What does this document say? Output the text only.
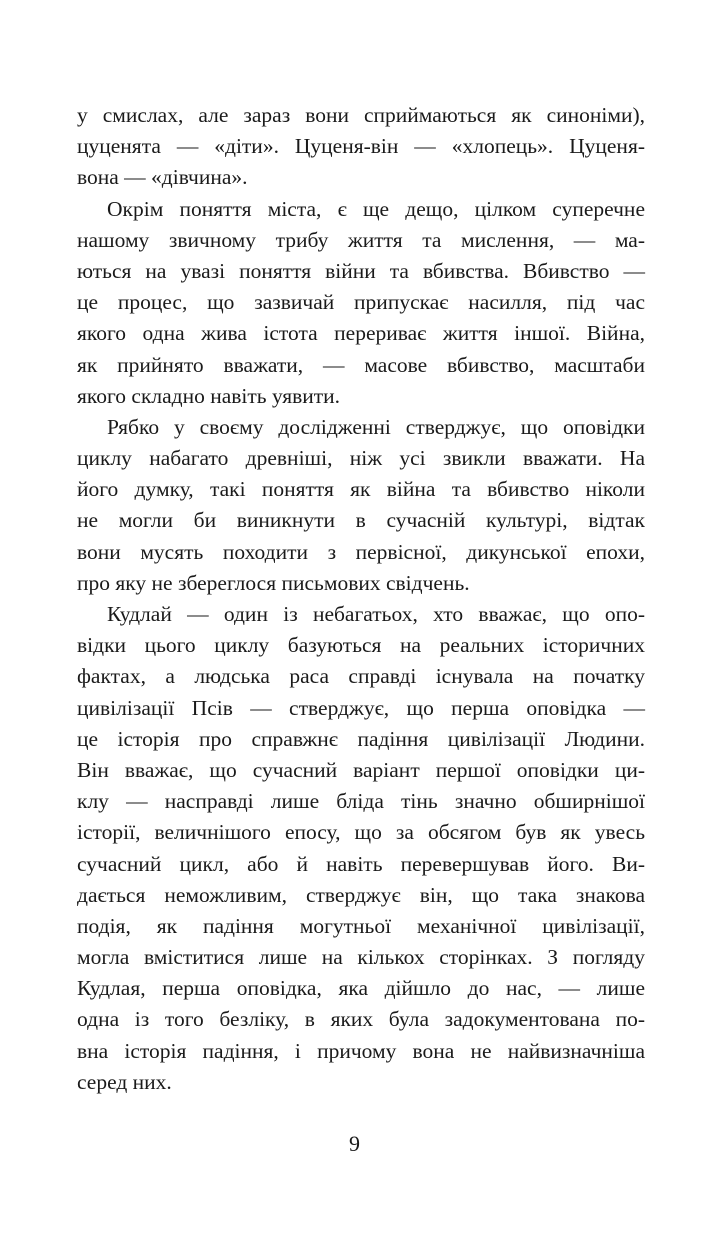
у смислах, але зараз вони сприймаються як синоніми),
цуценята — «діти». Цуценя-він — «хлопець». Цуценя-
вона — «дівчина».
Окрім поняття міста, є ще дещо, цілком суперечне
нашому звичному трибу життя та мислення, — ма-
ються на увазі поняття війни та вбивства. Вбивство —
це процес, що зазвичай припускає насилля, під час
якого одна жива істота перериває життя іншої. Війна,
як прийнято вважати, — масове вбивство, масштаби
якого складно навіть уявити.
Рябко у своєму дослідженні стверджує, що оповідки
циклу набагато древніші, ніж усі звикли вважати. На
його думку, такі поняття як війна та вбивство ніколи
не могли би виникнути в сучасній культурі, відтак
вони мусять походити з первісної, дикунської епохи,
про яку не збереглося письмових свідчень.
Кудлай — один із небагатьох, хто вважає, що опо-
відки цього циклу базуються на реальних історичних
фактах, а людська раса справді існувала на початку
цивілізації Псів — стверджує, що перша оповідка —
це історія про справжнє падіння цивілізації Людини.
Він вважає, що сучасний варіант першої оповідки ци-
клу — насправді лише бліда тінь значно обширнішої
історії, величнішого епосу, що за обсягом був як увесь
сучасний цикл, або й навіть перевершував його. Ви-
дається неможливим, стверджує він, що така знакова
подія, як падіння могутньої механічної цивілізації,
могла вміститися лише на кількох сторінках. З погляду
Кудлая, перша оповідка, яка дійшло до нас, — лише
одна із того безліку, в яких була задокументована по-
вна історія падіння, і причому вона не найвизначніша
серед них.
9
